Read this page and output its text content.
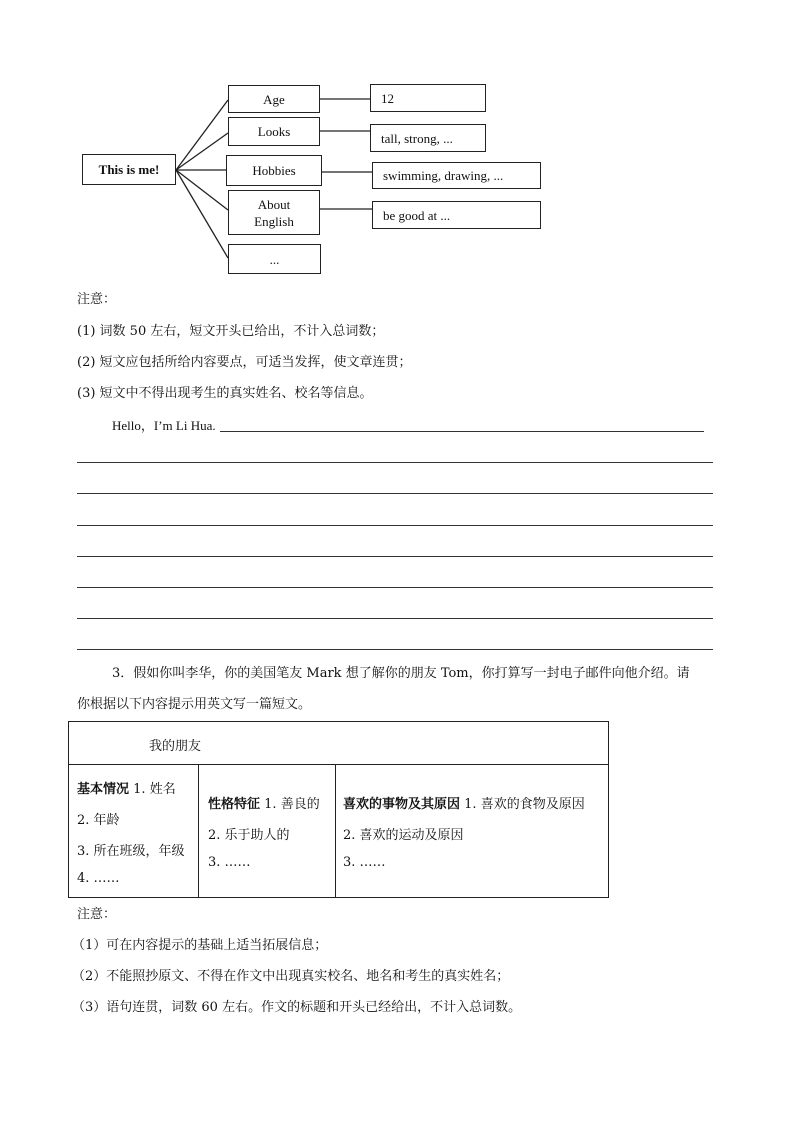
This is me!
Age
Looks
Hobbies
About
English
...
12
tall, strong, ...
swimming, drawing, ...
be good at ...
注意：
(1) 词数 50 左右，短文开头已给出，不计入总词数；
(2) 短文应包括所给内容要点，可适当发挥，使文章连贯；
(3) 短文中不得出现考生的真实姓名、校名等信息。
Hello，I’m Li Hua.
3．假如你叫李华，你的美国笔友 Mark 想了解你的朋友 Tom，你打算写一封电子邮件向他介绍。请
你根据以下内容提示用英文写一篇短文。
我的朋友
基本情况 1. 姓名
2. 年龄
3. 所在班级，年级
4. ……
性格特征 1. 善良的
2. 乐于助人的
3. ……
喜欢的事物及其原因 1. 喜欢的食物及原因
2. 喜欢的运动及原因
3. ……
注意：
（1）可在内容提示的基础上适当拓展信息；
（2）不能照抄原文、不得在作文中出现真实校名、地名和考生的真实姓名；
（3）语句连贯，词数 60 左右。作文的标题和开头已经给出，不计入总词数。
